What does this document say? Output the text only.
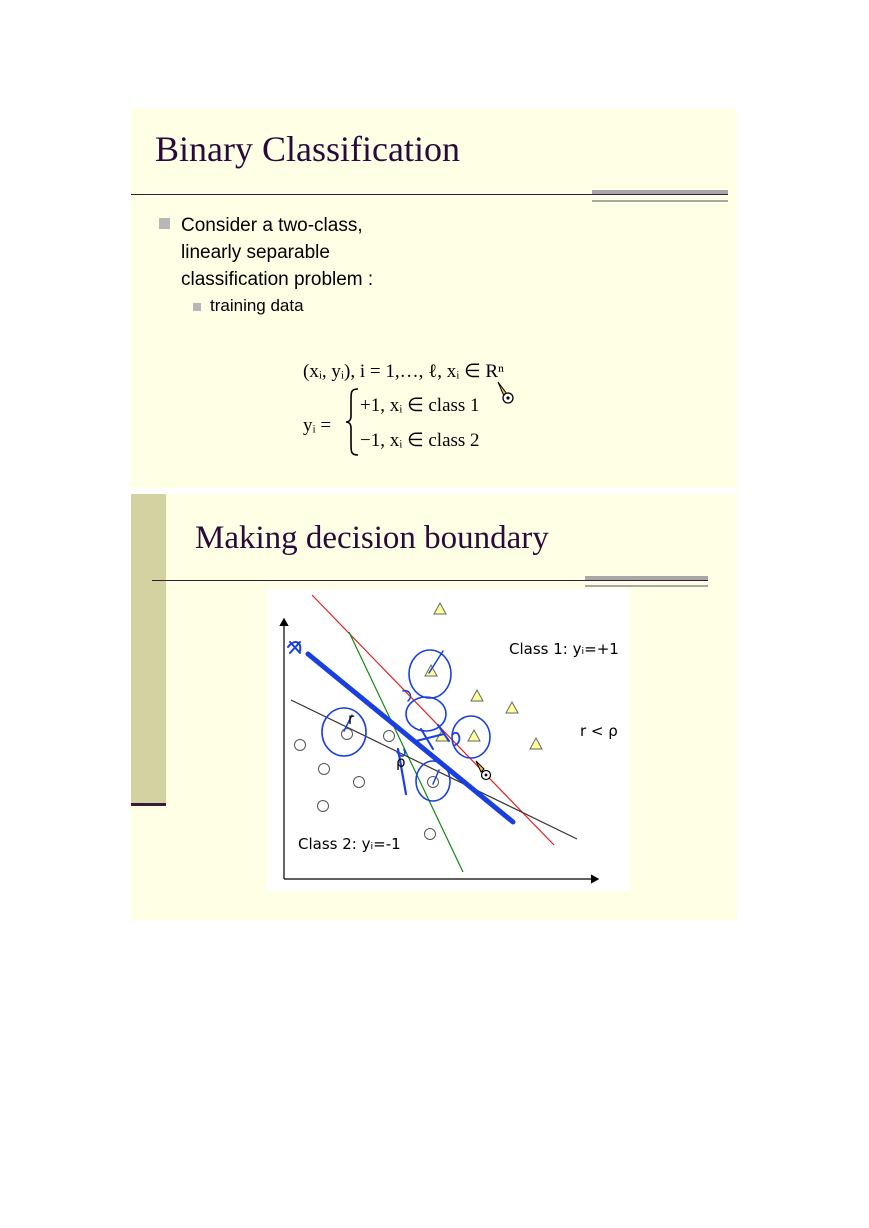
Binary Classification
Consider a two-class,
linearly separable
classification problem :
training data
(xᵢ, yᵢ), i = 1,…, ℓ, xᵢ ∈ Rⁿ
yᵢ =
+1, xᵢ ∈ class 1
−1, xᵢ ∈ class 2
Making decision boundary
r
ρ
Class 1: yᵢ=+1
Class 2: yᵢ=-1
r < ρ
